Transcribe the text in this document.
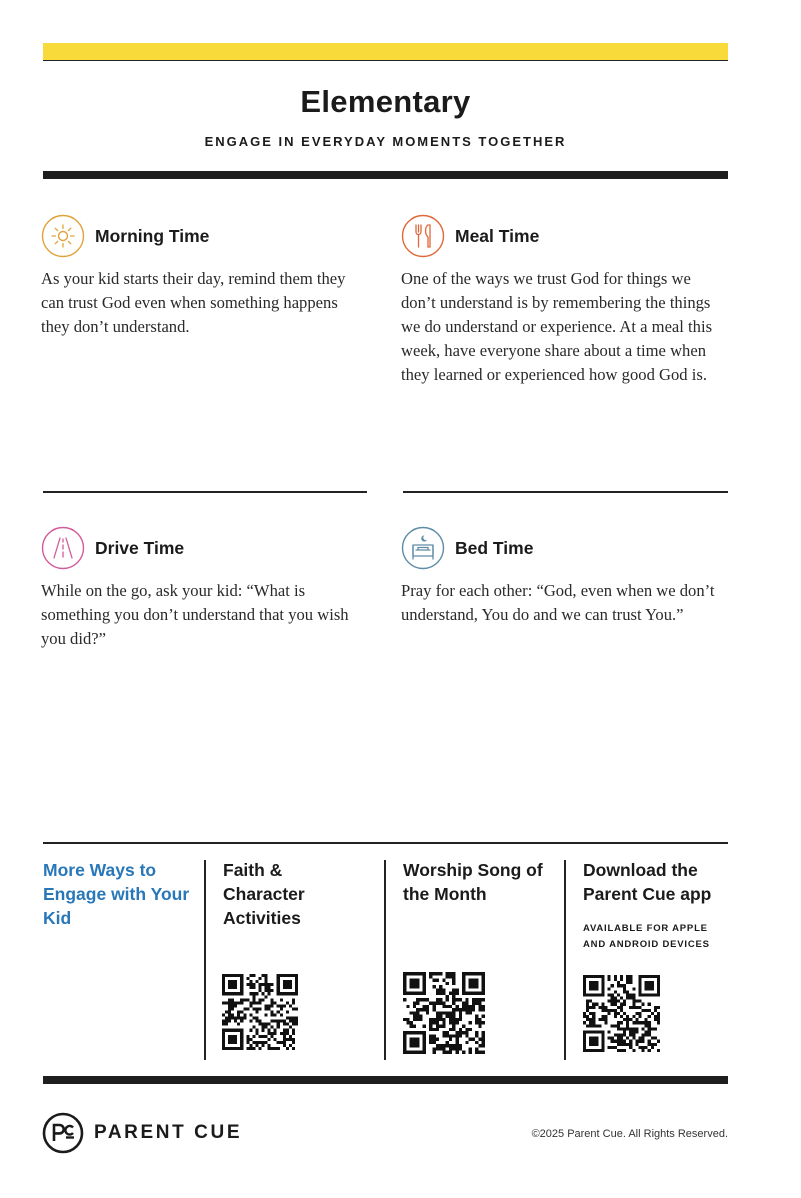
Elementary
ENGAGE IN EVERYDAY MOMENTS TOGETHER
Morning Time
As your kid starts their day, remind them they can trust God even when something happens they don’t understand.
Meal Time
One of the ways we trust God for things we don’t understand is by remembering the things we do understand or experience. At a meal this week, have everyone share about a time when they learned or experienced how good God is.
Drive Time
While on the go, ask your kid: “What is something you don’t understand that you wish you did?”
Bed Time
Pray for each other: “God, even when we don’t understand, You do and we can trust You.”
More Ways to Engage with Your Kid
Faith & Character Activities
Worship Song of the Month
Download the Parent Cue app
AVAILABLE FOR APPLE AND ANDROID DEVICES
PARENT CUE	©2025 Parent Cue. All Rights Reserved.
